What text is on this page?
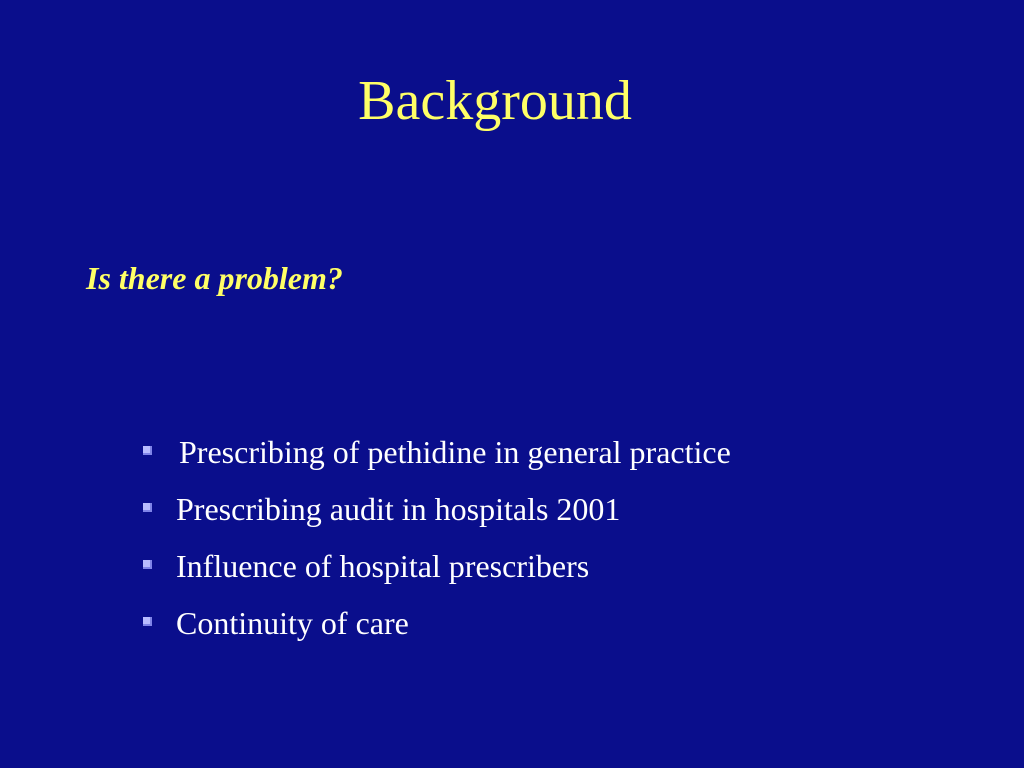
Background

Is there a problem?

Prescribing of pethidine in general practice
Prescribing audit in hospitals 2001
Influence of hospital prescribers
Continuity of care
